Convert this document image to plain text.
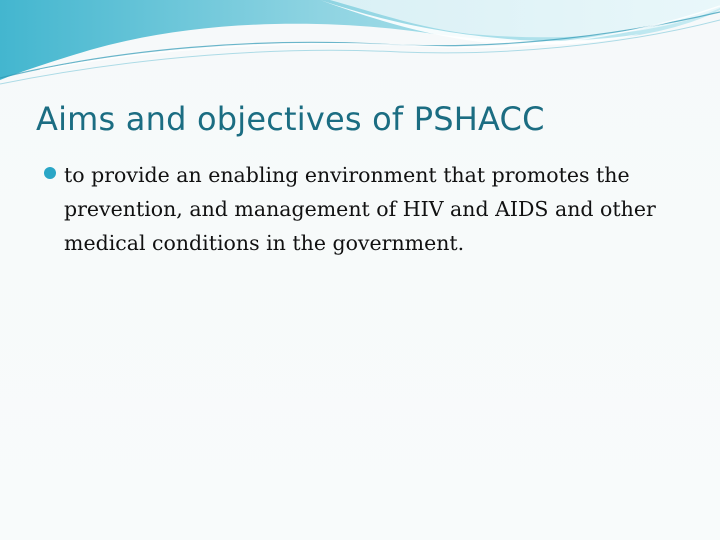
Aims and objectives of PSHACC
to provide an enabling environment that promotes the prevention, and management of HIV and AIDS and other medical conditions in the government.
